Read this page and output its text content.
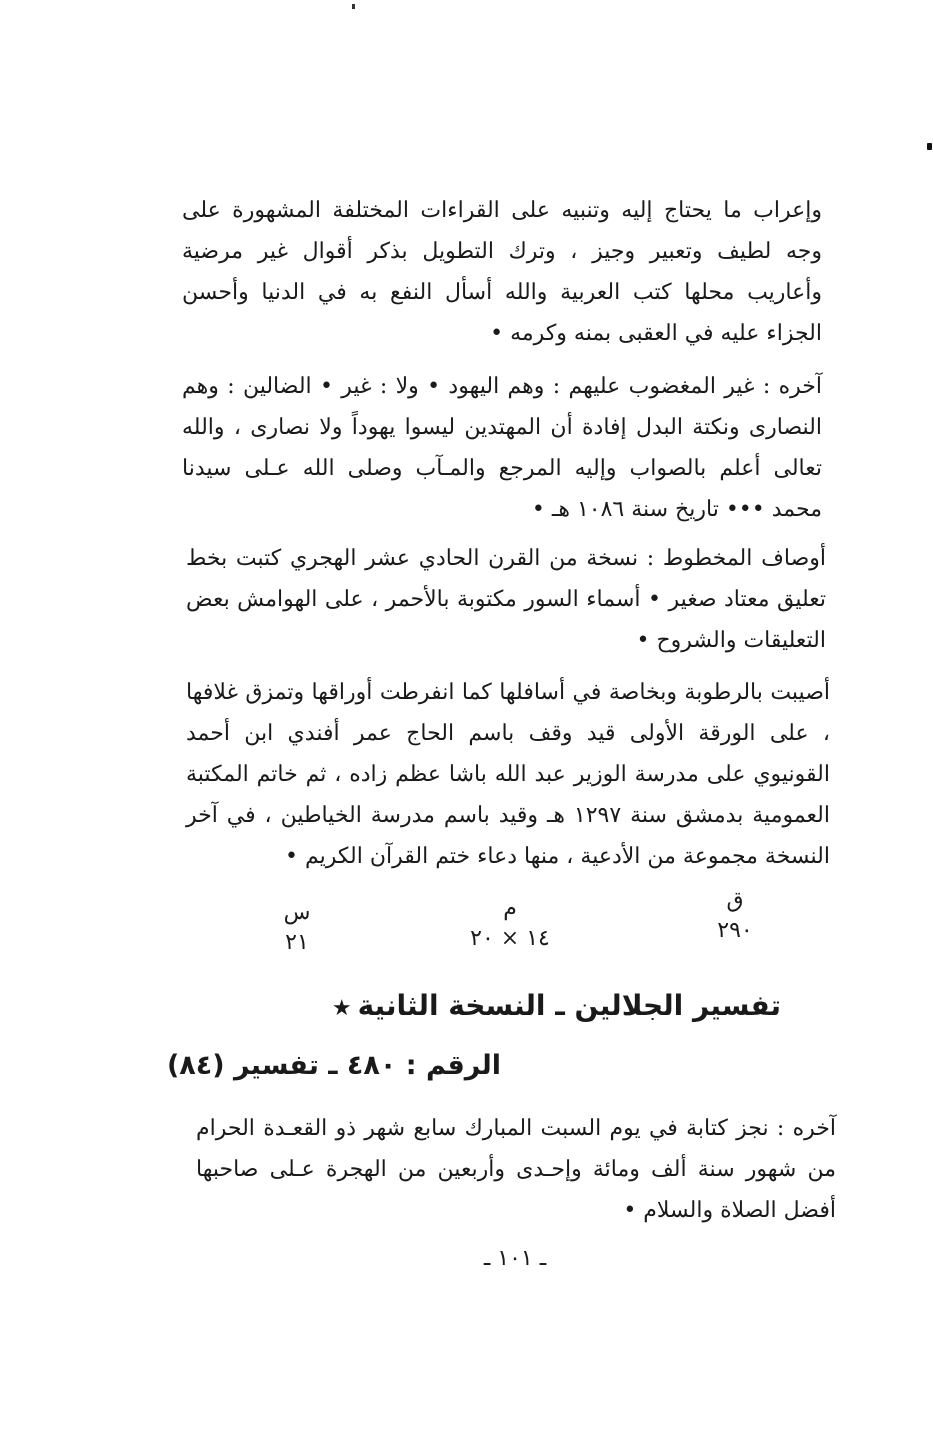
وإعراب ما يحتاج إليه وتنبيه على القراءات المختلفة المشهورة على وجه لطيف وتعبير وجيز ، وترك التطويل بذكر أقوال غير مرضية وأعاريب محلها كتب العربية والله أسأل النفع به في الدنيا وأحسن الجزاء عليه في العقبى بمنه وكرمه •

آخره : غير المغضوب عليهم : وهم اليهود • ولا : غير • الضالين : وهم النصارى ونكتة البدل إفادة أن المهتدين ليسوا يهوداً ولا نصارى ، والله تعالى أعلم بالصواب وإليه المرجع والمـآب وصلى الله عـلى سيدنا محمد ••• تاريخ سنة ١٠٨٦ هـ •

أوصاف المخطوط : نسخة من القرن الحادي عشر الهجري كتبت بخط تعليق معتاد صغير • أسماء السور مكتوبة بالأحمر ، على الهوامش بعض التعليقات والشروح •

أصيبت بالرطوبة وبخاصة في أسافلها كما انفرطت أوراقها وتمزق غلافها ، على الورقة الأولى قيد وقف باسم الحاج عمر أفندي ابن أحمد القونيوي على مدرسة الوزير عبد الله باشا عظم زاده ، ثم خاتم المكتبة العمومية بدمشق سنة ١٢٩٧ هـ وقيد باسم مدرسة الخياطين ، في آخر النسخة مجموعة من الأدعية ، منها دعاء ختم القرآن الكريم •

ق
٢٩٠
م
١٤ × ٢٠
س
٢١
تفسير الجلالين ـ النسخة الثانية★
الرقم : ٤٨٠ ـ تفسير (٨٤)

آخره : نجز كتابة في يوم السبت المبارك سابع شهر ذو القعـدة الحرام من شهور سنة ألف ومائة وإحـدى وأربعين من الهجرة عـلى صاحبها أفضل الصلاة والسلام •

ـ ١٠١ ـ
